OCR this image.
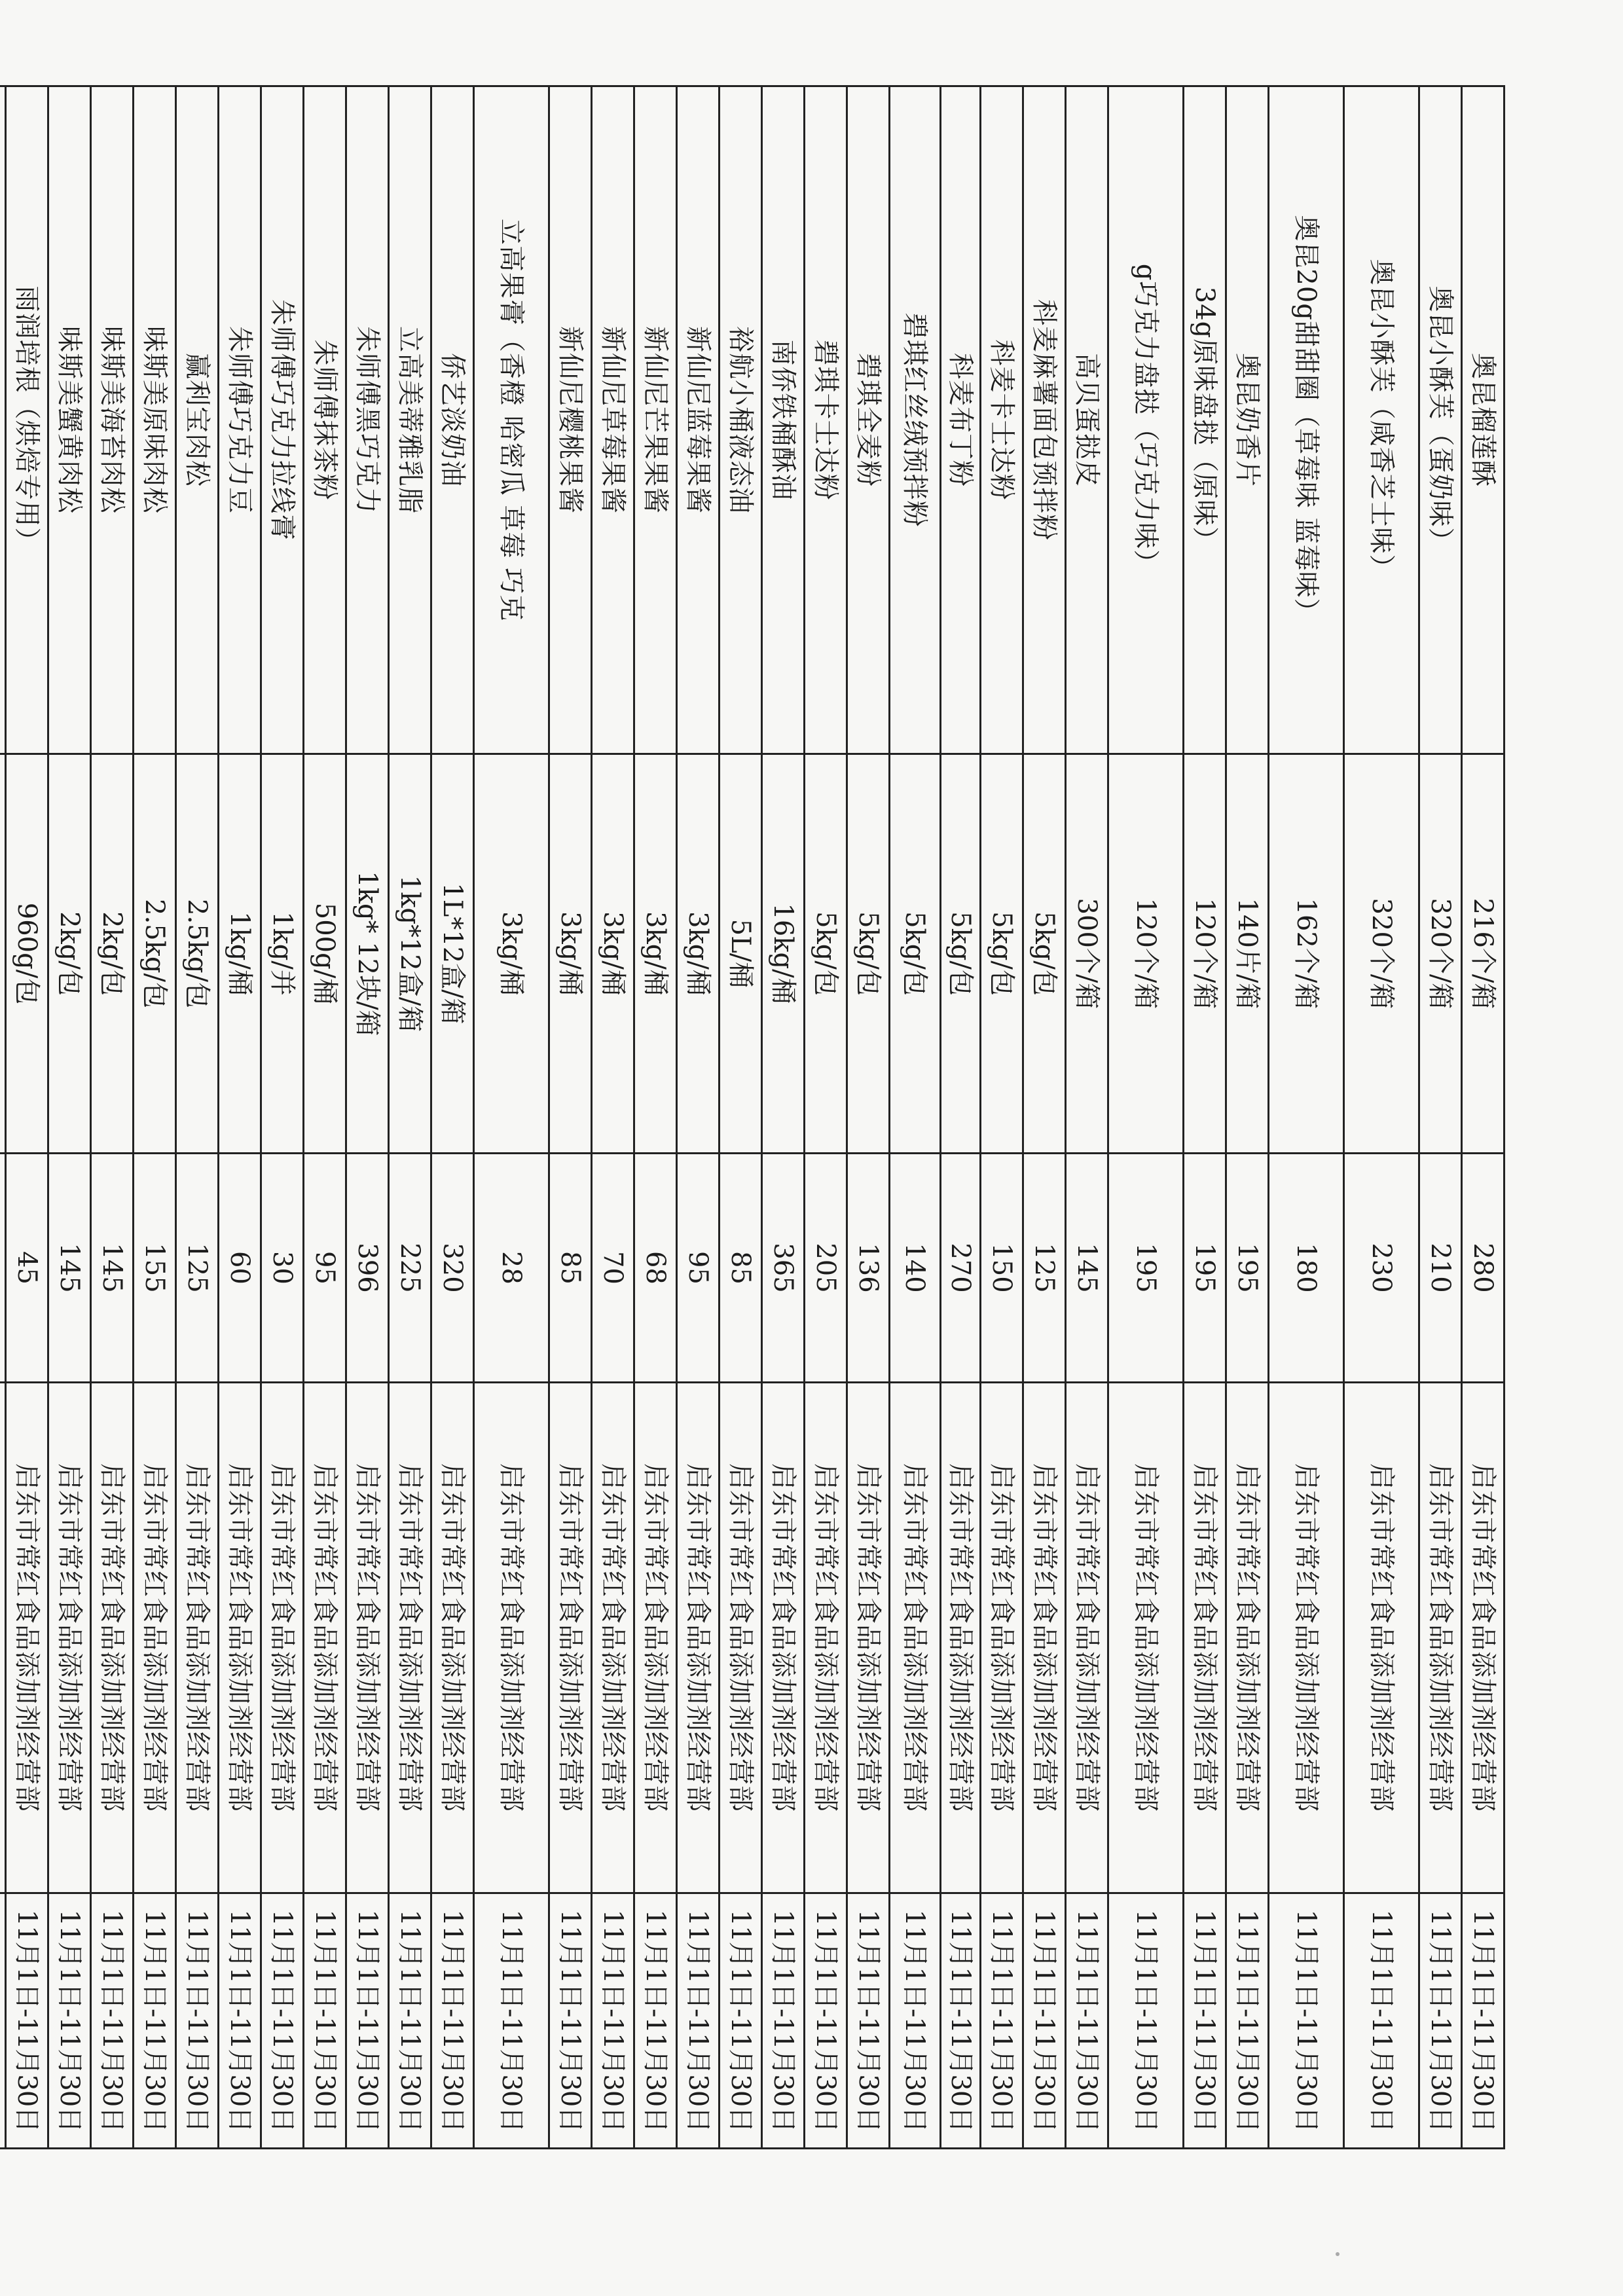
奥昆榴莲酥	216个/箱	280	启东市常红食品添加剂经营部	11月1日-11月30日
奥昆小酥芙（蛋奶味）	320个/箱	210	启东市常红食品添加剂经营部	11月1日-11月30日
奥昆小酥芙（咸香芝士味）	320个/箱	230	启东市常红食品添加剂经营部	11月1日-11月30日
奥昆20g甜甜圈（草莓味 蓝莓味）	162个/箱	180	启东市常红食品添加剂经营部	11月1日-11月30日
奥昆奶香片	140片/箱	195	启东市常红食品添加剂经营部	11月1日-11月30日
34g原味盘挞（原味）	120个/箱	195	启东市常红食品添加剂经营部	11月1日-11月30日
g巧克力盘挞（巧克力味）	120个/箱	195	启东市常红食品添加剂经营部	11月1日-11月30日
高贝蛋挞皮	300个/箱	145	启东市常红食品添加剂经营部	11月1日-11月30日
科麦麻薯面包预拌粉	5kg/包	125	启东市常红食品添加剂经营部	11月1日-11月30日
科麦卡士达粉	5kg/包	150	启东市常红食品添加剂经营部	11月1日-11月30日
科麦布丁粉	5kg/包	270	启东市常红食品添加剂经营部	11月1日-11月30日
碧琪红丝绒预拌粉	5kg/包	140	启东市常红食品添加剂经营部	11月1日-11月30日
碧琪全麦粉	5kg/包	136	启东市常红食品添加剂经营部	11月1日-11月30日
碧琪卡士达粉	5kg/包	205	启东市常红食品添加剂经营部	11月1日-11月30日
南侨铁桶酥油	16kg/桶	365	启东市常红食品添加剂经营部	11月1日-11月30日
裕航小桶液态油	5L/桶	85	启东市常红食品添加剂经营部	11月1日-11月30日
新仙尼蓝莓果酱	3kg/桶	95	启东市常红食品添加剂经营部	11月1日-11月30日
新仙尼芒果果酱	3kg/桶	68	启东市常红食品添加剂经营部	11月1日-11月30日
新仙尼草莓果酱	3kg/桶	70	启东市常红食品添加剂经营部	11月1日-11月30日
新仙尼樱桃果酱	3kg/桶	85	启东市常红食品添加剂经营部	11月1日-11月30日
立高果膏（香橙 哈密瓜 草莓 巧克	3kg/桶	28	启东市常红食品添加剂经营部	11月1日-11月30日
侨艺淡奶油	1L*12盒/箱	320	启东市常红食品添加剂经营部	11月1日-11月30日
立高美蒂雅乳脂	1kg*12盒/箱	225	启东市常红食品添加剂经营部	11月1日-11月30日
朱师傅黑巧克力	1kg* 12块/箱	396	启东市常红食品添加剂经营部	11月1日-11月30日
朱师傅抹茶粉	500g/桶	95	启东市常红食品添加剂经营部	11月1日-11月30日
朱师傅巧克力拉线膏	1kg/并	30	启东市常红食品添加剂经营部	11月1日-11月30日
朱师傅巧克力豆	1kg/桶	60	启东市常红食品添加剂经营部	11月1日-11月30日
赢利宝肉松	2.5kg/包	125	启东市常红食品添加剂经营部	11月1日-11月30日
味斯美原味肉松	2.5kg/包	155	启东市常红食品添加剂经营部	11月1日-11月30日
味斯美海苔肉松	2kg/包	145	启东市常红食品添加剂经营部	11月1日-11月30日
味斯美蟹黄肉松	2kg/包	145	启东市常红食品添加剂经营部	11月1日-11月30日
雨润培根（烘焙专用）	960g/包	45	启东市常红食品添加剂经营部	11月1日-11月30日
